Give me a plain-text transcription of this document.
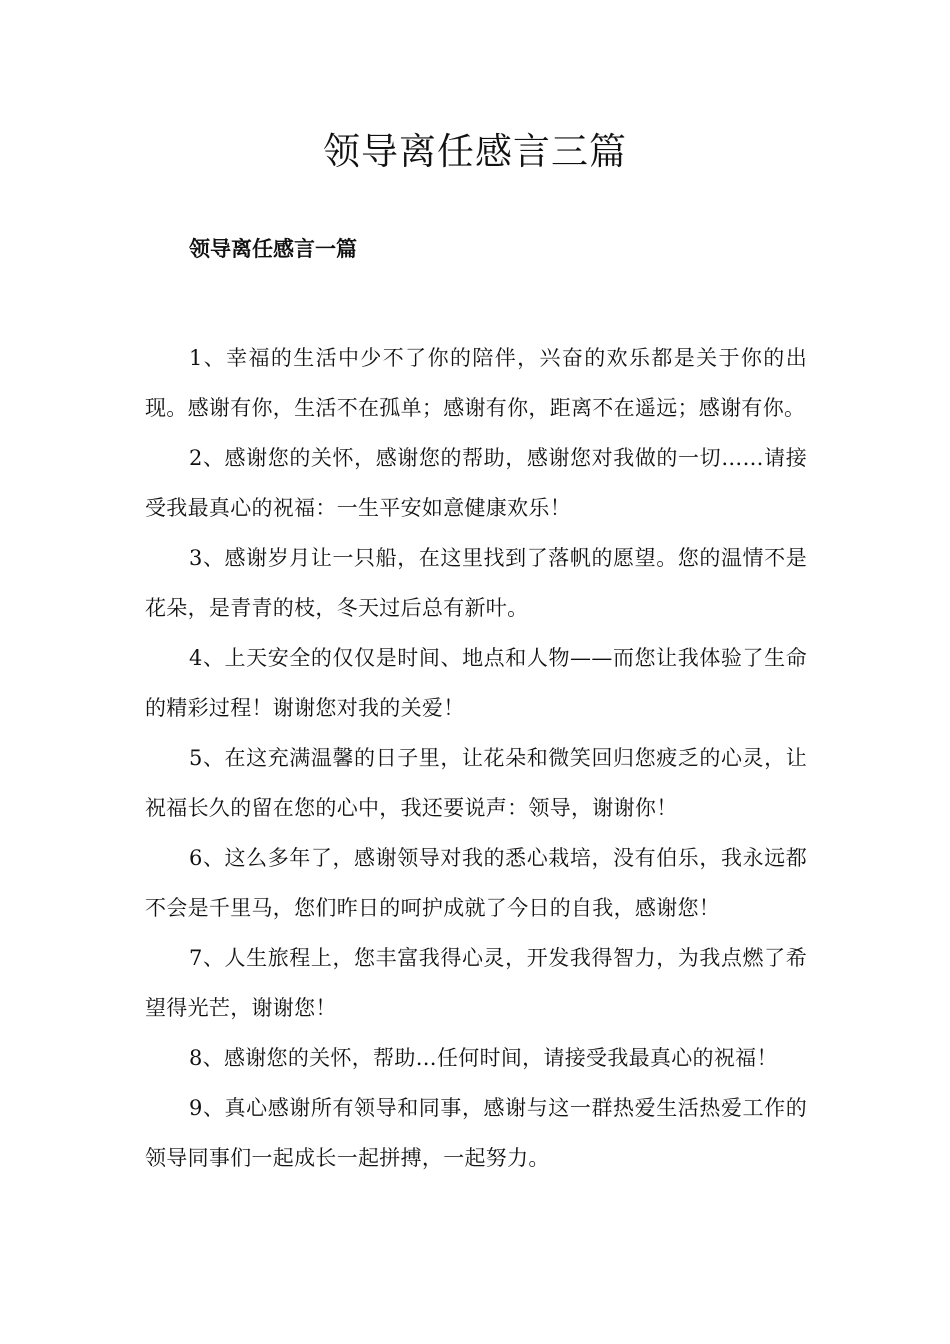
领导离任感言三篇
领导离任感言一篇

1、幸福的生活中少不了你的陪伴，兴奋的欢乐都是关于你的出现。感谢有你，生活不在孤单；感谢有你，距离不在遥远；感谢有你。

2、感谢您的关怀，感谢您的帮助，感谢您对我做的一切……请接受我最真心的祝福：一生平安如意健康欢乐！

3、感谢岁月让一只船，在这里找到了落帆的愿望。您的温情不是花朵，是青青的枝，冬天过后总有新叶。

4、上天安全的仅仅是时间、地点和人物——而您让我体验了生命的精彩过程！谢谢您对我的关爱！

5、在这充满温馨的日子里，让花朵和微笑回归您疲乏的心灵，让祝福长久的留在您的心中，我还要说声：领导，谢谢你！

6、这么多年了，感谢领导对我的悉心栽培，没有伯乐，我永远都不会是千里马，您们昨日的呵护成就了今日的自我，感谢您！

7、人生旅程上，您丰富我得心灵，开发我得智力，为我点燃了希望得光芒，谢谢您！

8、感谢您的关怀，帮助…任何时间，请接受我最真心的祝福！

9、真心感谢所有领导和同事，感谢与这一群热爱生活热爱工作的领导同事们一起成长一起拼搏，一起努力。
